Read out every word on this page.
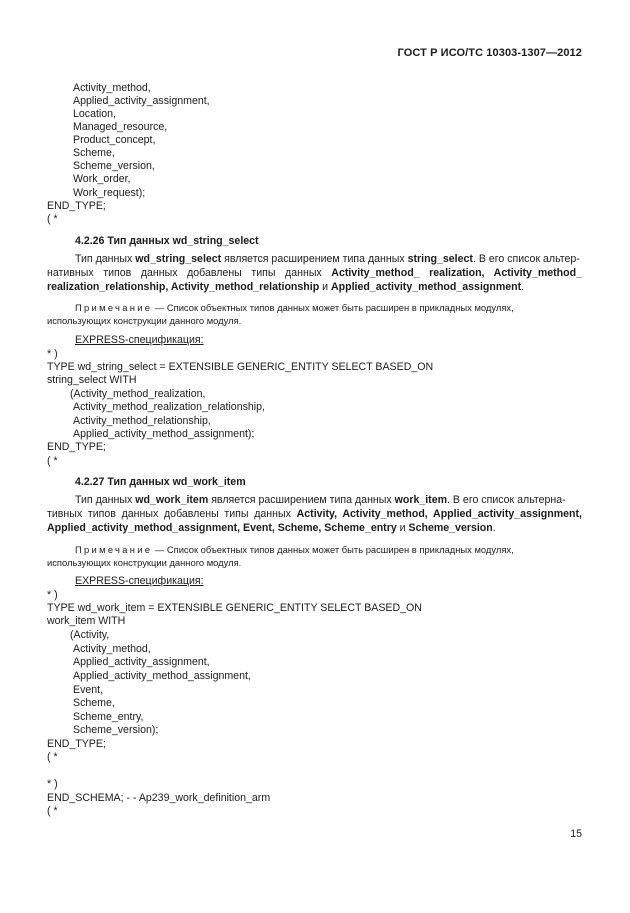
ГОСТ Р ИСО/ТС 10303-1307—2012
Activity_method,
Applied_activity_assignment,
Location,
Managed_resource,
Product_concept,
Scheme,
Scheme_version,
Work_order,
Work_request);
END_TYPE;
( *
4.2.26 Тип данных wd_string_select
Тип данных wd_string_select является расширением типа данных string_select. В его список альтер-
нативных типов данных добавлены типы данных Activity_method_ realization, Activity_method_
realization_relationship, Activity_method_relationship и Applied_activity_method_assignment.
Примечание — Список объектных типов данных может быть расширен в прикладных модулях,
использующих конструкции данного модуля.
EXPRESS-спецификация:
* )
TYPE wd_string_select = EXTENSIBLE GENERIC_ENTITY SELECT BASED_ON
string_select WITH
(Activity_method_realization,
Activity_method_realization_relationship,
Activity_method_relationship,
Applied_activity_method_assignment);
END_TYPE;
( *
4.2.27 Тип данных wd_work_item
Тип данных wd_work_item является расширением типа данных work_item. В его список альтерна-
тивных типов данных добавлены типы данных Activity, Activity_method, Applied_activity_assignment,
Applied_activity_method_assignment, Event, Scheme, Scheme_entry и Scheme_version.
Примечание — Список объектных типов данных может быть расширен в прикладных модулях,
использующих конструкции данного модуля.
EXPRESS-спецификация:
* )
TYPE wd_work_item = EXTENSIBLE GENERIC_ENTITY SELECT BASED_ON
work_item WITH
(Activity,
Activity_method,
Applied_activity_assignment,
Applied_activity_method_assignment,
Event,
Scheme,
Scheme_entry,
Scheme_version);
END_TYPE;
( *
* )
END_SCHEMA; - - Ap239_work_definition_arm
( *
15
